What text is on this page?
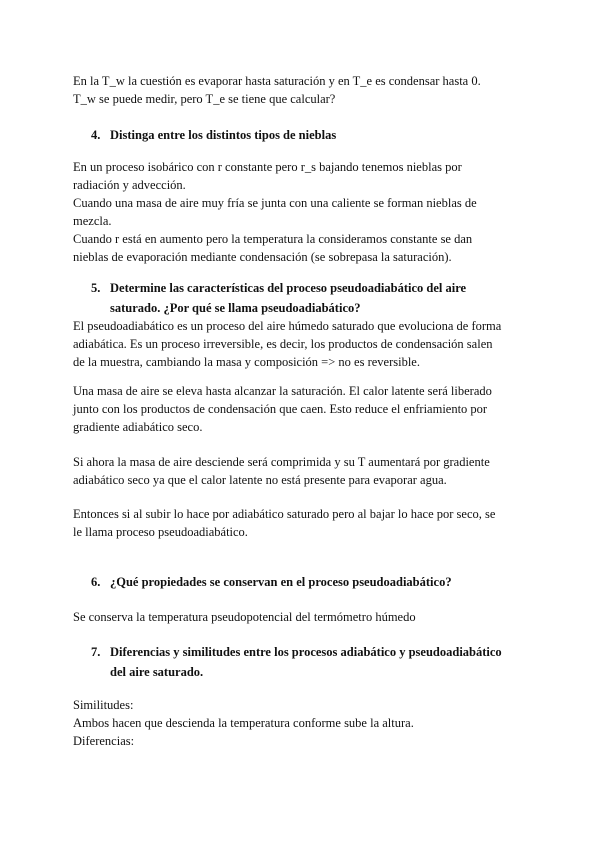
En la T_w la cuestión es evaporar hasta saturación y en T_e es condensar hasta 0.
T_w se puede medir, pero T_e se tiene que calcular?

4. Distinga entre los distintos tipos de nieblas

En un proceso isobárico con r constante pero r_s bajando tenemos nieblas por
radiación y advección.

Cuando una masa de aire muy fría se junta con una caliente se forman nieblas de
mezcla.

Cuando r está en aumento pero la temperatura la consideramos constante se dan
nieblas de evaporación mediante condensación (se sobrepasa la saturación).

5. Determine las características del proceso pseudoadiabático del aire
saturado. ¿Por qué se llama pseudoadiabático?

El pseudoadiabático es un proceso del aire húmedo saturado que evoluciona de forma
adiabática. Es un proceso irreversible, es decir, los productos de condensación salen
de la muestra, cambiando la masa y composición => no es reversible.

Una masa de aire se eleva hasta alcanzar la saturación. El calor latente será liberado
junto con los productos de condensación que caen. Esto reduce el enfriamiento por
gradiente adiabático seco.

Si ahora la masa de aire desciende será comprimida y su T aumentará por gradiente
adiabático seco ya que el calor latente no está presente para evaporar agua.

Entonces si al subir lo hace por adiabático saturado pero al bajar lo hace por seco, se
le llama proceso pseudoadiabático.

6. ¿Qué propiedades se conservan en el proceso pseudoadiabático?

Se conserva la temperatura pseudopotencial del termómetro húmedo

7. Diferencias y similitudes entre los procesos adiabático y pseudoadiabático
del aire saturado.

Similitudes:
Ambos hacen que descienda la temperatura conforme sube la altura.
Diferencias:
